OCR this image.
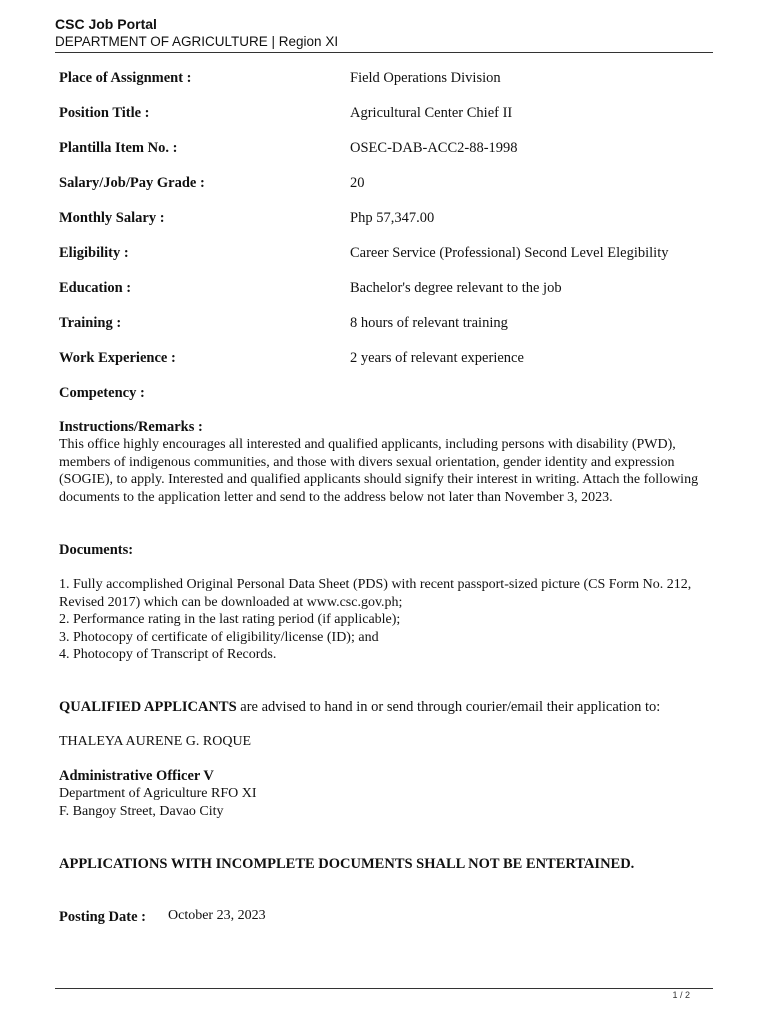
CSC Job Portal
DEPARTMENT OF AGRICULTURE | Region XI
Place of Assignment :	Field Operations Division
Position Title :	Agricultural Center Chief II
Plantilla Item No. :	OSEC-DAB-ACC2-88-1998
Salary/Job/Pay Grade :	20
Monthly Salary :	Php 57,347.00
Eligibility :	Career Service (Professional) Second Level Elegibility
Education :	Bachelor's degree relevant to the job
Training :	8 hours of relevant training
Work Experience :	2 years of relevant experience
Competency :
Instructions/Remarks :
This office highly encourages all interested and qualified applicants, including persons with disability (PWD), members of indigenous communities, and those with divers sexual orientation, gender identity and expression (SOGIE), to apply. Interested and qualified applicants should signify their interest in writing. Attach the following documents to the application letter and send to the address below not later than November 3, 2023.
Documents:
1. Fully accomplished Original Personal Data Sheet (PDS) with recent passport-sized picture (CS Form No. 212, Revised 2017) which can be downloaded at www.csc.gov.ph;
2. Performance rating in the last rating period (if applicable);
3. Photocopy of certificate of eligibility/license (ID); and
4. Photocopy of Transcript of Records.
QUALIFIED APPLICANTS are advised to hand in or send through courier/email their application to:
THALEYA AURENE G. ROQUE
Administrative Officer V
Department of Agriculture RFO XI
F. Bangoy Street, Davao City
APPLICATIONS WITH INCOMPLETE DOCUMENTS SHALL NOT BE ENTERTAINED.
Posting Date : October 23, 2023
1 / 2
